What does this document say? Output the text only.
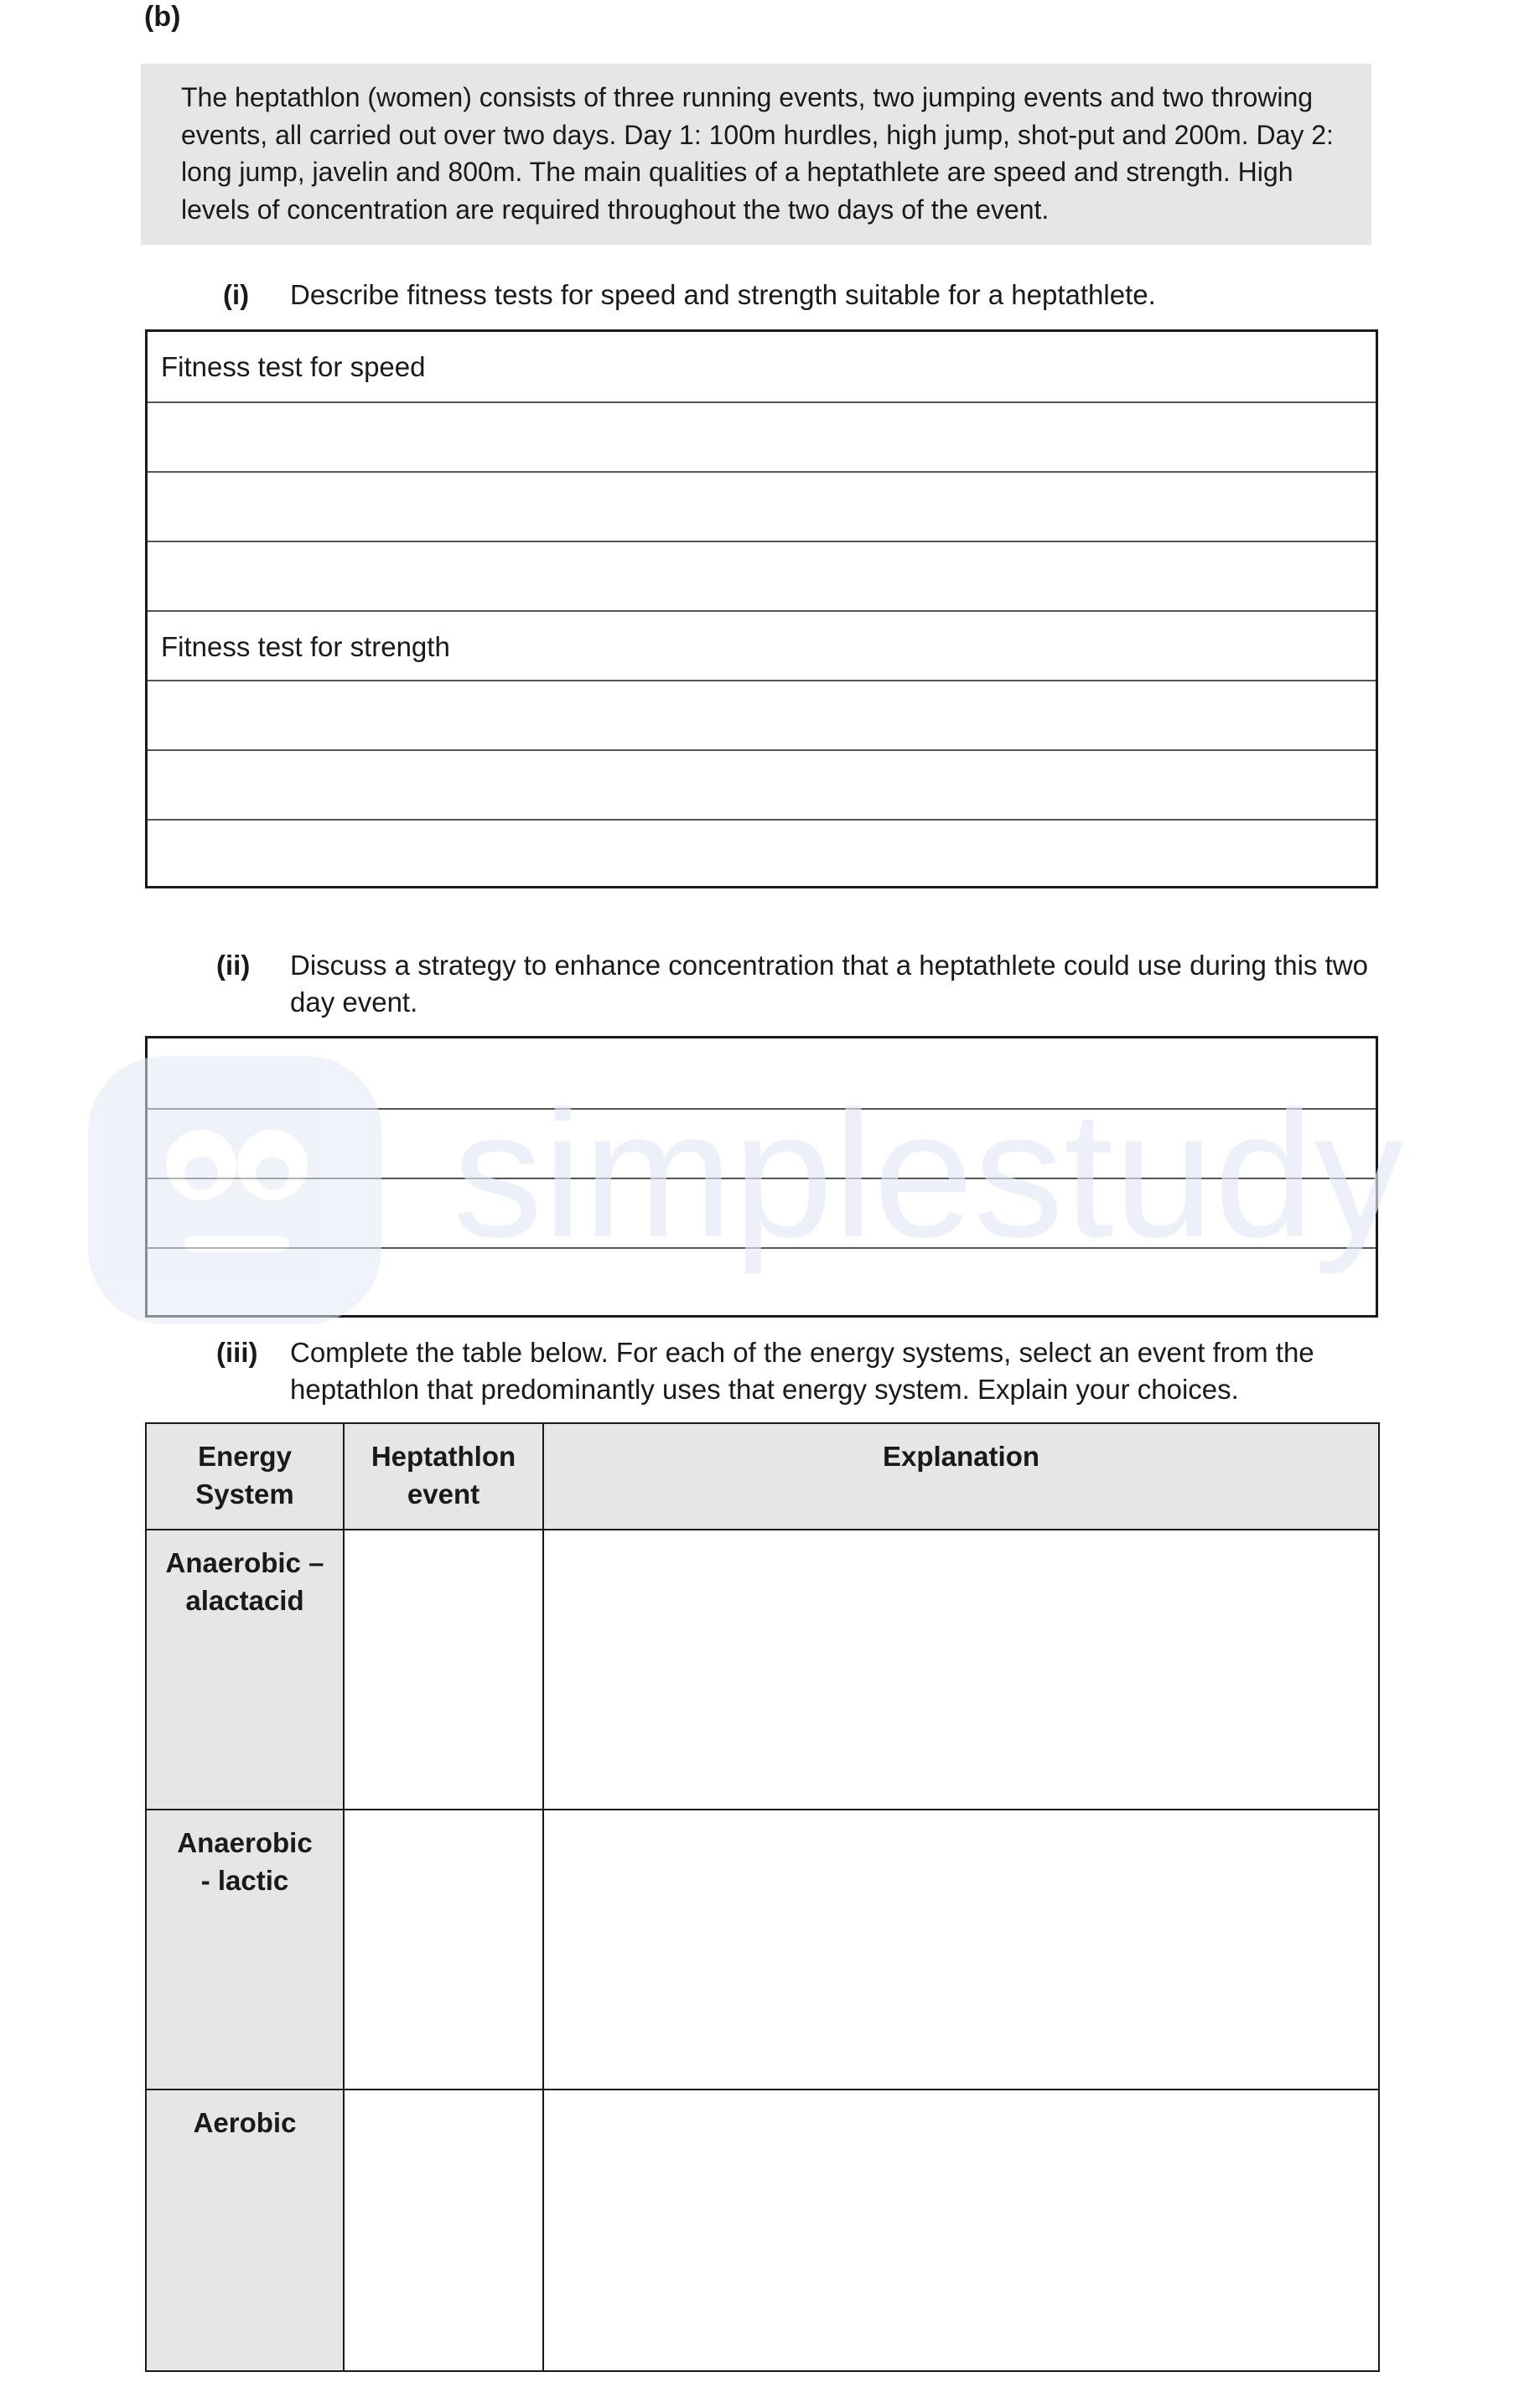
(b)
The heptathlon (women) consists of three running events, two jumping events and two throwing events, all carried out over two days. Day 1: 100m hurdles, high jump, shot-put and 200m. Day 2: long jump, javelin and 800m. The main qualities of a heptathlete are speed and strength. High levels of concentration are required throughout the two days of the event.
(i) Describe fitness tests for speed and strength suitable for a heptathlete.
Fitness test for speed
Fitness test for strength
(ii) Discuss a strategy to enhance concentration that a heptathlete could use during this two day event.
simplestudy
(iii) Complete the table below. For each of the energy systems, select an event from the heptathlon that predominantly uses that energy system. Explain your choices.
Energy System	Heptathlon event	Explanation
Anaerobic – alactacid		
Anaerobic - lactic		
Aerobic		
